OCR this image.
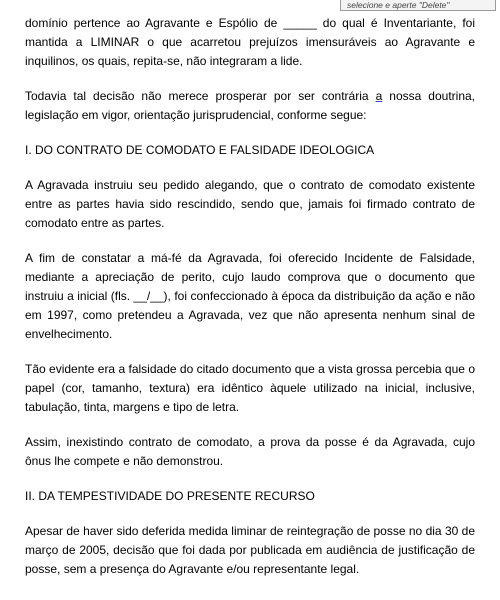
selecione e aperte "Delete"

domínio pertence ao Agravante e Espólio de _____ do qual é Inventariante, foi mantida a LIMINAR o que acarretou prejuízos imensuráveis ao Agravante e inquilinos, os quais, repita-se, não integraram a lide.

Todavia tal decisão não merece prosperar por ser contrária a nossa doutrina, legislação em vigor, orientação jurisprudencial, conforme segue:

I. DO CONTRATO DE COMODATO E FALSIDADE IDEOLOGICA

A Agravada instruiu seu pedido alegando, que o contrato de comodato existente entre as partes havia sido rescindido, sendo que, jamais foi firmado contrato de comodato entre as partes.

A fim de constatar a má-fé da Agravada, foi oferecido Incidente de Falsidade, mediante a apreciação de perito, cujo laudo comprova que o documento que instruiu a inicial (fls. __/__), foi confeccionado à época da distribuição da ação e não em 1997, como pretendeu a Agravada, vez que não apresenta nenhum sinal de envelhecimento.

Tão evidente era a falsidade do citado documento que a vista grossa percebia que o papel (cor, tamanho, textura) era idêntico àquele utilizado na inicial, inclusive, tabulação, tinta, margens e tipo de letra.

Assim, inexistindo contrato de comodato, a prova da posse é da Agravada, cujo ônus lhe compete e não demonstrou.

II. DA TEMPESTIVIDADE DO PRESENTE RECURSO

Apesar de haver sido deferida medida liminar de reintegração de posse no dia 30 de março de 2005, decisão que foi dada por publicada em audiência de justificação de posse, sem a presença do Agravante e/ou representante legal.
